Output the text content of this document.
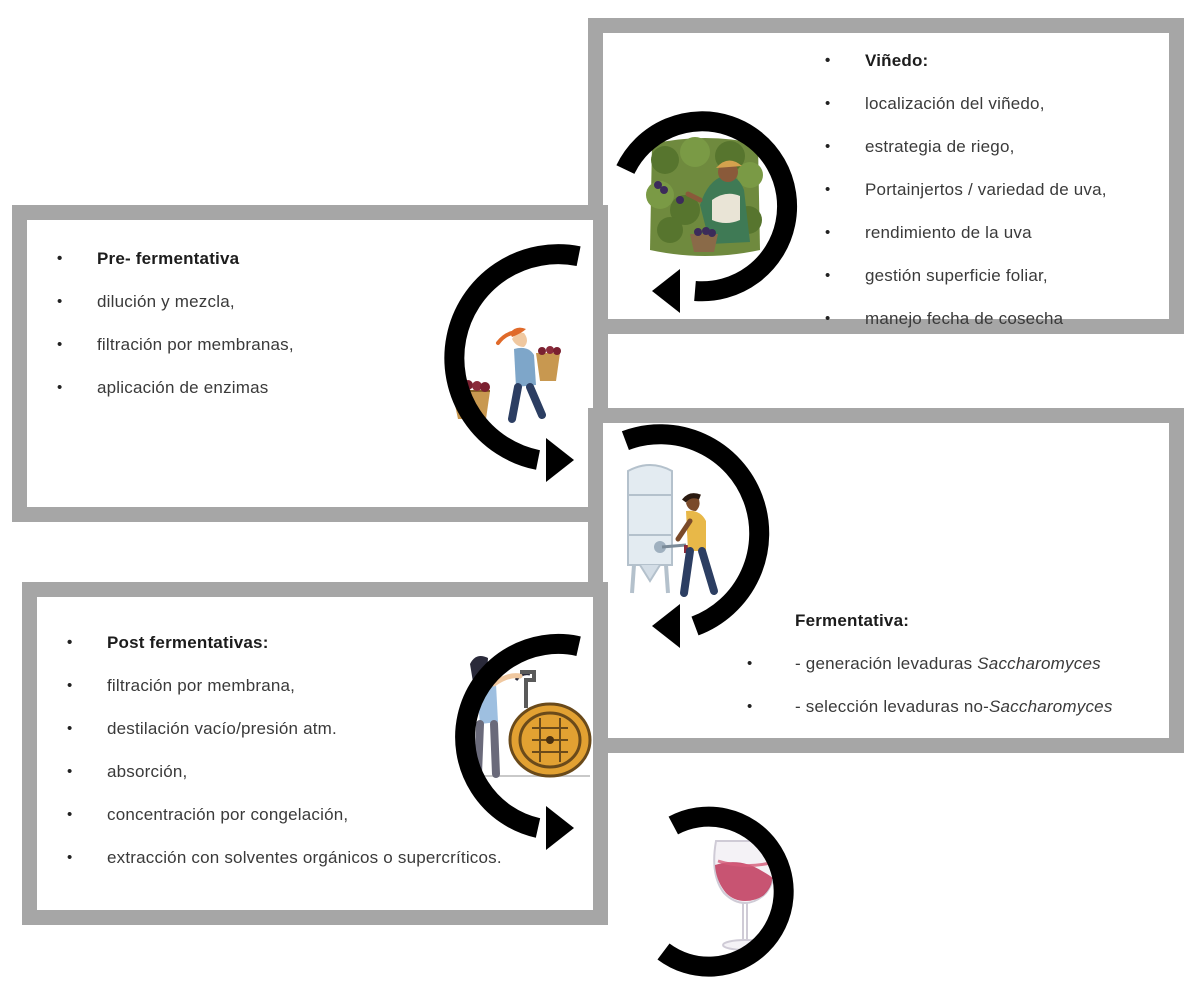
• Viñedo:
• localización del viñedo,
• estrategia de riego,
• Portainjertos / variedad de uva,
• rendimiento de la uva
• gestión superficie foliar,
• manejo fecha de cosecha
• Pre- fermentativa
• dilución y mezcla,
• filtración por membranas,
• aplicación de enzimas
Fermentativa:
• - generación levaduras Saccharomyces
• - selección levaduras no-Saccharomyces
• Post fermentativas:
• filtración por membrana,
• destilación vacío/presión atm.
• absorción,
• concentración por congelación,
• extracción con solventes orgánicos o supercríticos.
